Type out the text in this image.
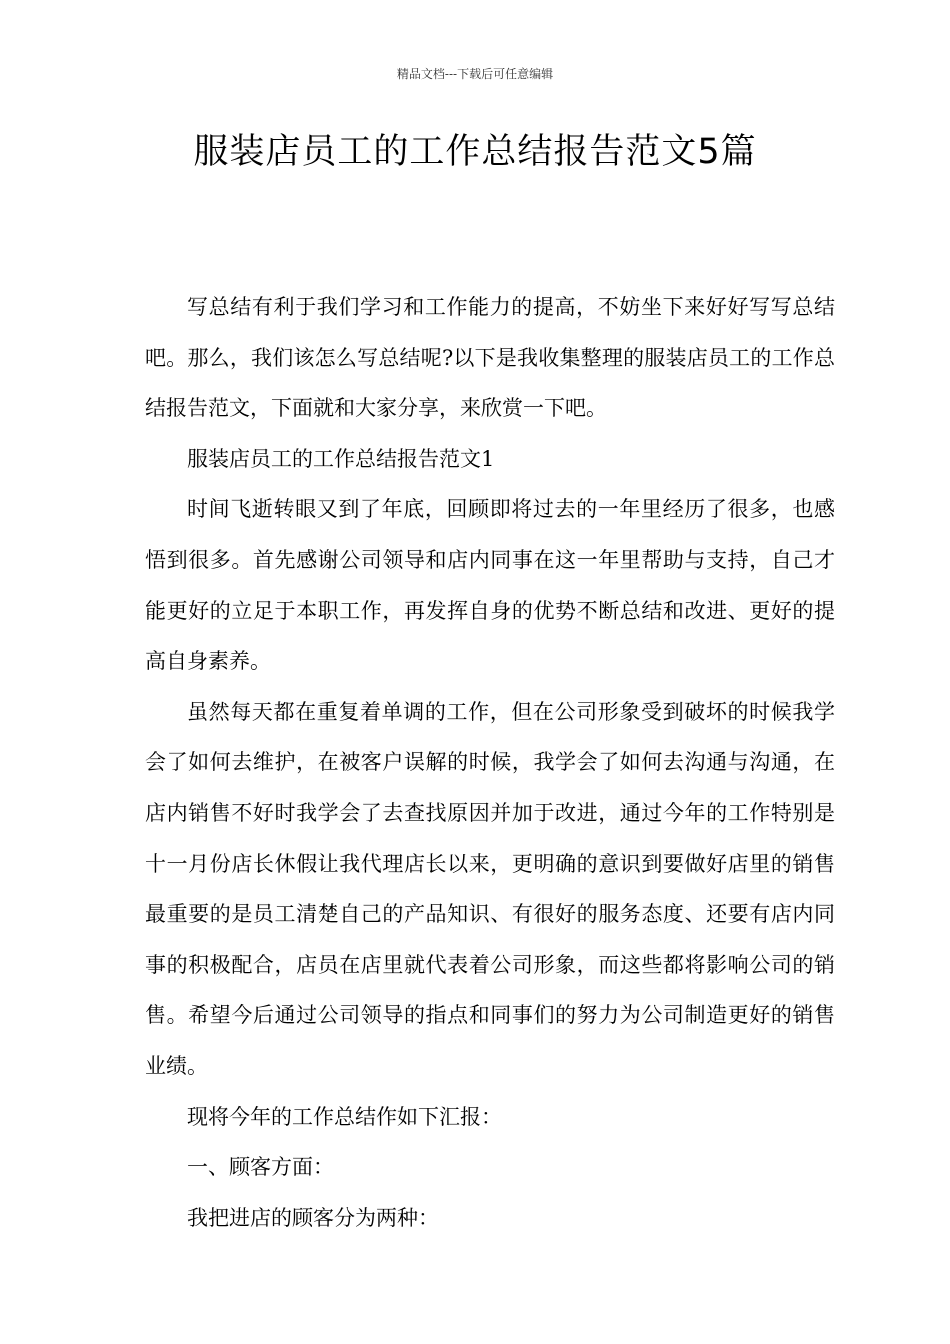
精品文档---下载后可任意编辑
服装店员工的工作总结报告范文5篇

写总结有利于我们学习和工作能力的提高，不妨坐下来好好写写总结吧。那么，我们该怎么写总结呢?以下是我收集整理的服装店员工的工作总结报告范文，下面就和大家分享，来欣赏一下吧。

服装店员工的工作总结报告范文1

时间飞逝转眼又到了年底，回顾即将过去的一年里经历了很多，也感悟到很多。首先感谢公司领导和店内同事在这一年里帮助与支持，自己才能更好的立足于本职工作，再发挥自身的优势不断总结和改进、更好的提高自身素养。

虽然每天都在重复着单调的工作，但在公司形象受到破坏的时候我学会了如何去维护，在被客户误解的时候，我学会了如何去沟通与沟通，在店内销售不好时我学会了去查找原因并加于改进，通过今年的工作特别是十一月份店长休假让我代理店长以来，更明确的意识到要做好店里的销售最重要的是员工清楚自己的产品知识、有很好的服务态度、还要有店内同事的积极配合，店员在店里就代表着公司形象，而这些都将影响公司的销售。希望今后通过公司领导的指点和同事们的努力为公司制造更好的销售业绩。

现将今年的工作总结作如下汇报：

一、顾客方面：

我把进店的顾客分为两种：
